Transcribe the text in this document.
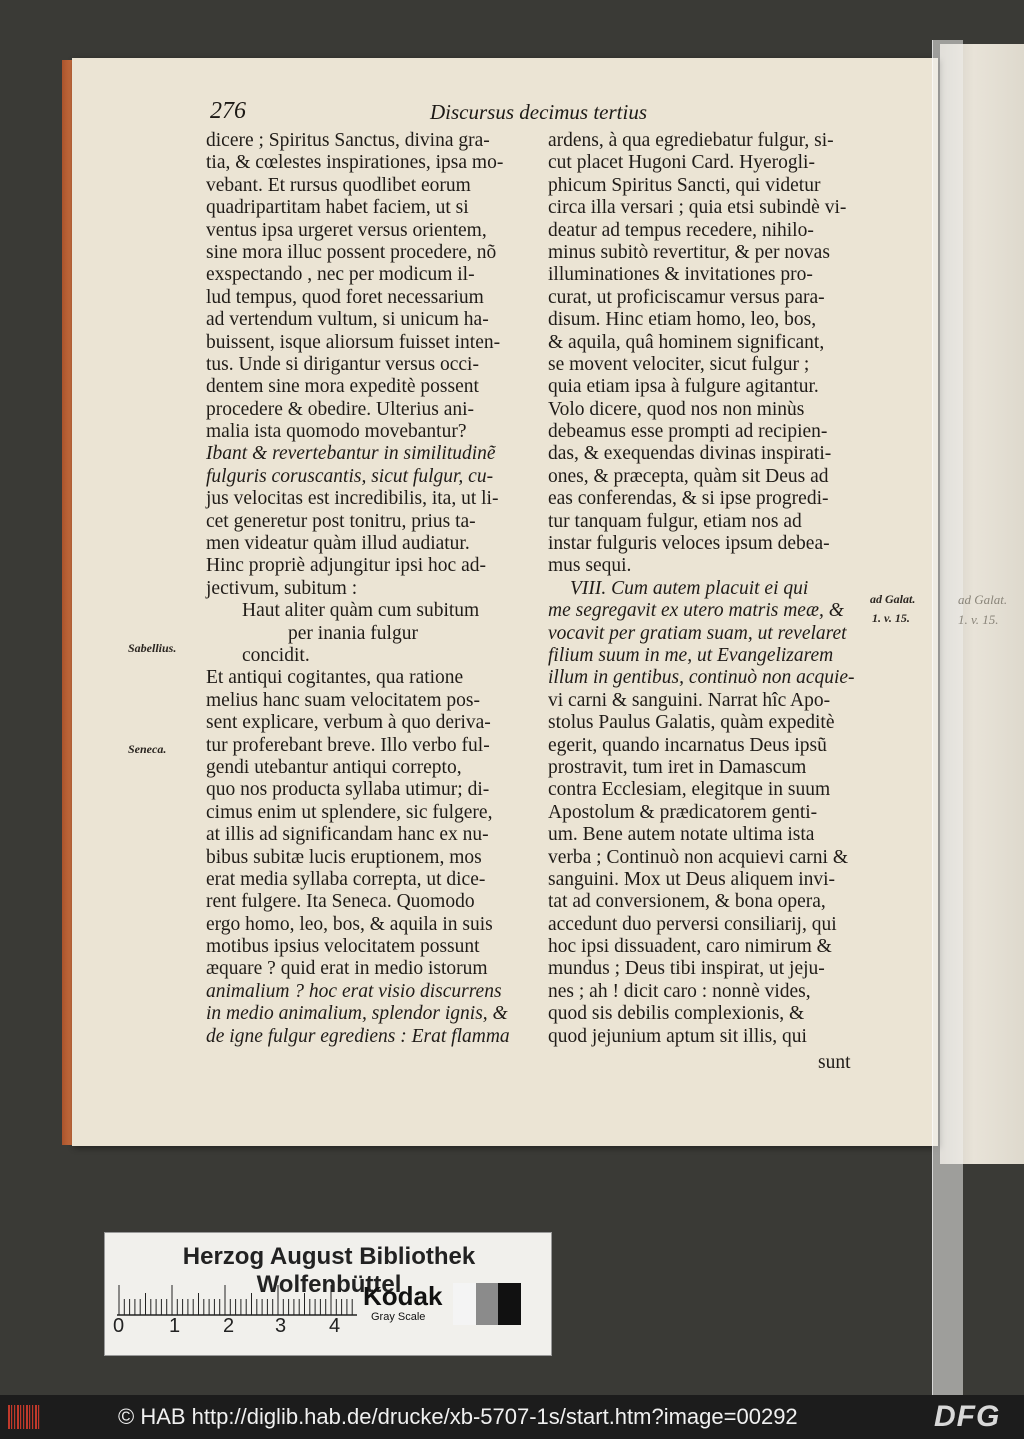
276	Discursus decimus tertius
dicere ; Spiritus Sanctus, divina gra-
tia, & cœlestes inspirationes, ipsa mo-
vebant. Et rursus quodlibet eorum
quadripartitam habet faciem, ut si
ventus ipsa urgeret versus orientem,
sine mora illuc possent procedere, nõ
exspectando , nec per modicum il-
lud tempus, quod foret necessarium
ad vertendum vultum, si unicum ha-
buissent, isque aliorsum fuisset inten-
tus. Unde si dirigantur versus occi-
dentem sine mora expeditè possent
procedere & obedire. Ulterius ani-
malia ista quomodo movebantur?
Ibant & revertebantur in similitudinẽ
fulguris coruscantis, sicut fulgur, cu-
jus velocitas est incredibilis, ita, ut li-
cet generetur post tonitru, prius ta-
men videatur quàm illud audiatur.
Hinc propriè adjungitur ipsi hoc ad-
jectivum, subitum :
Haut aliter quàm cum subitum
per inania fulgur
concidit.
Et antiqui cogitantes, qua ratione
melius hanc suam velocitatem pos-
sent explicare, verbum à quo deriva-
tur proferebant breve. Illo verbo ful-
gendi utebantur antiqui correpto,
quo nos producta syllaba utimur; di-
cimus enim ut splendere, sic fulgere,
at illis ad significandam hanc ex nu-
bibus subitæ lucis eruptionem, mos
erat media syllaba correpta, ut dice-
rent fulgere. Ita Seneca. Quomodo
ergo homo, leo, bos, & aquila in suis
motibus ipsius velocitatem possunt
æquare ? quid erat in medio istorum
animalium ? hoc erat visio discurrens
in medio animalium, splendor ignis, &
de igne fulgur egrediens : Erat flamma
ardens, à qua egrediebatur fulgur, si-
cut placet Hugoni Card. Hyerogli-
phicum Spiritus Sancti, qui videtur
circa illa versari ; quia etsi subindè vi-
deatur ad tempus recedere, nihilo-
minus subitò revertitur, & per novas
illuminationes & invitationes pro-
curat, ut proficiscamur versus para-
disum. Hinc etiam homo, leo, bos,
& aquila, quâ hominem significant,
se movent velociter, sicut fulgur ;
quia etiam ipsa à fulgure agitantur.
Volo dicere, quod nos non minùs
debeamus esse prompti ad recipien-
das, & exequendas divinas inspirati-
ones, & præcepta, quàm sit Deus ad
eas conferendas, & si ipse progredi-
tur tanquam fulgur, etiam nos ad
instar fulguris veloces ipsum debea-
mus sequi.
VIII. Cum autem placuit ei qui
me segregavit ex utero matris meæ, &
vocavit per gratiam suam, ut revelaret
filium suum in me, ut Evangelizarem
illum in gentibus, continuò non acquie-
vi carni & sanguini. Narrat hîc Apo-
stolus Paulus Galatis, quàm expeditè
egerit, quando incarnatus Deus ipsũ
prostravit, tum iret in Damascum
contra Ecclesiam, elegitque in suum
Apostolum & prædicatorem genti-
um. Bene autem notate ultima ista
verba ; Continuò non acquievi carni &
sanguini. Mox ut Deus aliquem invi-
tat ad conversionem, & bona opera,
accedunt duo perversi consiliarij, qui
hoc ipsi dissuadent, caro nimirum &
mundus ; Deus tibi inspirat, ut jeju-
nes ; ah ! dicit caro : nonnè vides,
quod sis debilis complexionis, &
quod jejunium aptum sit illis, qui
sunt
Sabellius.
Seneca.
ad Galat.
1. v. 15.
ad Galat.
1. v. 15.
Herzog August Bibliothek Wolfenbüttel
0 1 2 3 4
Kodak
Gray Scale
© HAB http://diglib.hab.de/drucke/xb-5707-1s/start.htm?image=00292	DFG
